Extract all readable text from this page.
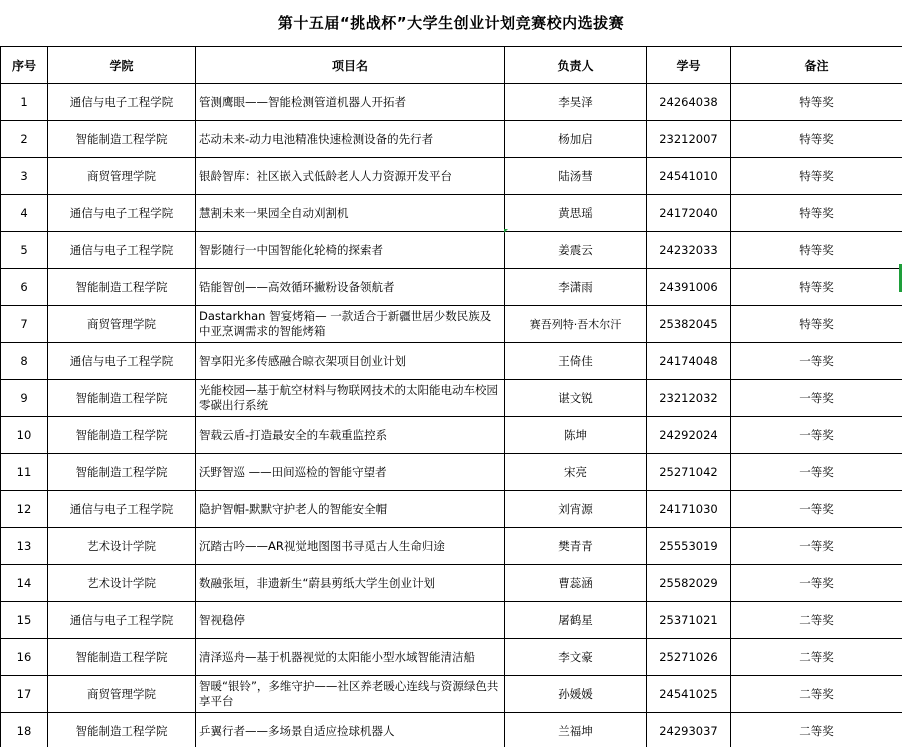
第十五届“挑战杯”大学生创业计划竞赛校内选拔赛
序号	学院	项目名	负责人	学号	备注
1	通信与电子工程学院	管测鹰眼——智能检测管道机器人开拓者	李昊泽	24264038	特等奖
2	智能制造工程学院	芯动未来-动力电池精准快速检测设备的先行者	杨加启	23212007	特等奖
3	商贸管理学院	银龄智库：社区嵌入式低龄老人人力资源开发平台	陆汤彗	24541010	特等奖
4	通信与电子工程学院	慧割未来一果园全自动刈割机	黄思瑶	24172040	特等奖
5	通信与电子工程学院	智影随行一中国智能化轮椅的探索者	姜震云	24232033	特等奖
6	智能制造工程学院	锆能智创——高效循环撇粉设备领航者	李潇雨	24391006	特等奖
7	商贸管理学院	Dastarkhan 智宴烤箱— 一款适合于新疆世居少数民族及中亚烹调需求的智能烤箱	赛吾列特·吾木尔汗	25382045	特等奖
8	通信与电子工程学院	智享阳光多传感融合晾衣架项目创业计划	王倚佳	24174048	一等奖
9	智能制造工程学院	光能校园—基于航空材料与物联网技术的太阳能电动车校园零碳出行系统	谌文锐	23212032	一等奖
10	智能制造工程学院	智载云盾-打造最安全的车载重监控系	陈坤	24292024	一等奖
11	智能制造工程学院	沃野智巡 ——田间巡检的智能守望者	宋亮	25271042	一等奖
12	通信与电子工程学院	隐护智帽-默默守护老人的智能安全帽	刘宵源	24171030	一等奖
13	艺术设计学院	沉踏古吟——AR视觉地图图书寻觅古人生命归途	樊青青	25553019	一等奖
14	艺术设计学院	数融张垣，非遗新生“蔚县剪纸大学生创业计划	曹蕊涵	25582029	一等奖
15	通信与电子工程学院	智视稳停	屠鹤星	25371021	二等奖
16	智能制造工程学院	清泽巡舟—基于机器视觉的太阳能小型水域智能清洁船	李文豪	25271026	二等奖
17	商贸管理学院	智暖“银铃”，多维守护——社区养老暖心连线与资源绿色共享平台	孙媛媛	24541025	二等奖
18	智能制造工程学院	乒翼行者——多场景自适应捡球机器人	兰福坤	24293037	二等奖
